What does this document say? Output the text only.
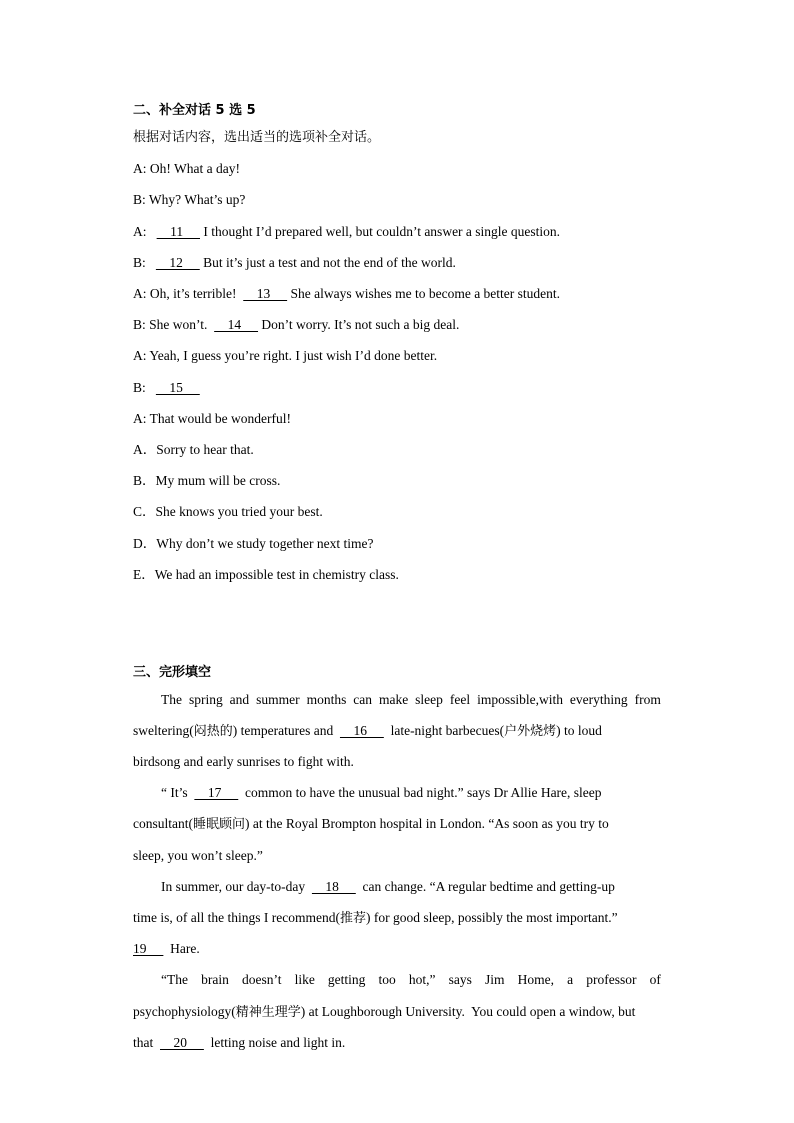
二、补全对话 5 选 5
根据对话内容，选出适当的选项补全对话。
A: Oh! What a day!
B: Why? What’s up?
A:       11      I thought I’d prepared well, but couldn’t answer a single question.
B:       12      But it’s just a test and not the end of the world.
A: Oh, it’s terrible!      13      She always wishes me to become a better student.
B: She won’t.      14      Don’t worry. It’s not such a big deal.
A: Yeah, I guess you’re right. I just wish I’d done better.
B:       15
A: That would be wonderful!
A．Sorry to hear that.
B．My mum will be cross.
C．She knows you tried your best.
D．Why don’t we study together next time?
E．We had an impossible test in chemistry class.
三、完形填空
The spring and summer months can make sleep feel impossible,with everything from
sweltering(闷热的) temperatures and      16       late-night barbecues(户外烧烤) to loud
birdsong and early sunrises to fight with.
“ It’s      17       common to have the unusual bad night.” says Dr Allie Hare, sleep
consultant(睡眠顾问) at the Royal Brompton hospital in London. “As soon as you try to
sleep, you won’t sleep.”
In summer, our day-to-day      18       can change. “A regular bedtime and getting-up
time is, of all the things I recommend(推荐) for good sleep, possibly the most important.”
19       Hare.
“The brain doesn’t like getting too hot,” says Jim Home, a professor of
psychophysiology(精神生理学) at Loughborough University.  You could open a window, but
that      20       letting noise and light in.
